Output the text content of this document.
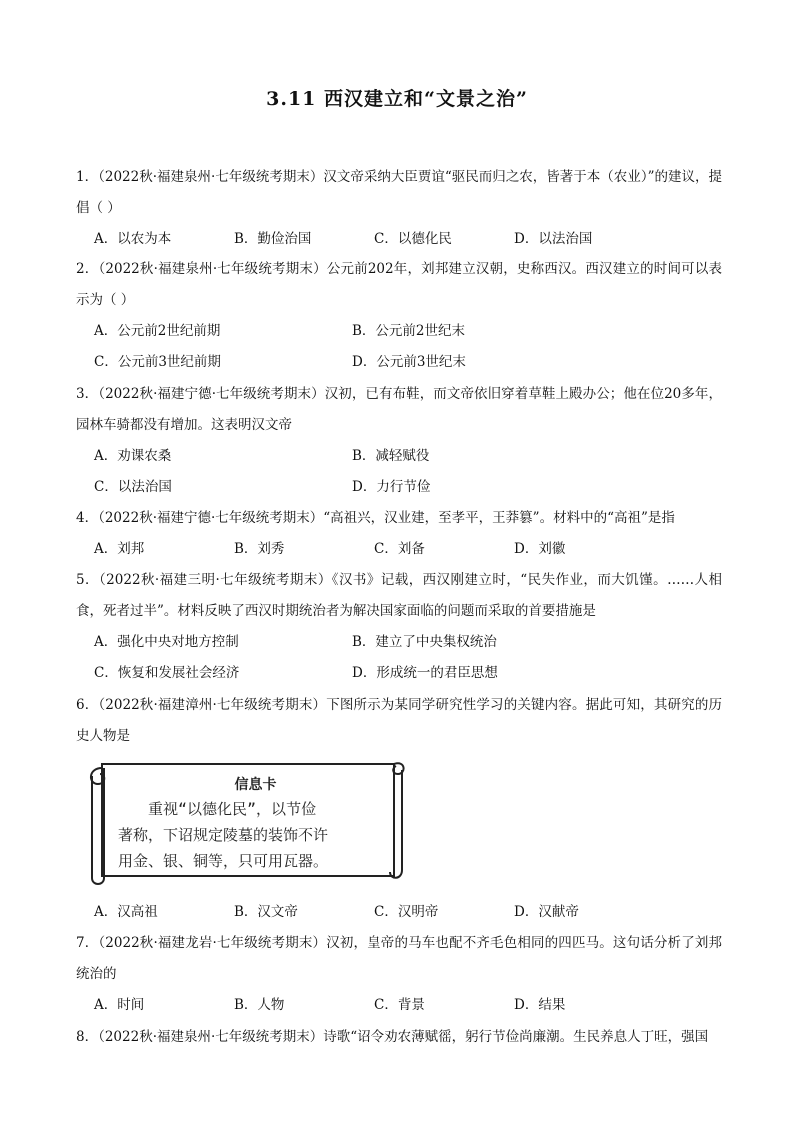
3.11 西汉建立和“文景之治”
1．（2022秋·福建泉州·七年级统考期末）汉文帝采纳大臣贾谊“驱民而归之农，皆著于本（农业）”的建议，提倡（ ）
A．以农为本	B．勤俭治国	C．以德化民	D．以法治国
2．（2022秋·福建泉州·七年级统考期末）公元前202年，刘邦建立汉朝，史称西汉。西汉建立的时间可以表示为（ ）
A．公元前2世纪前期	B．公元前2世纪末
C．公元前3世纪前期	D．公元前3世纪末
3．（2022秋·福建宁德·七年级统考期末）汉初，已有布鞋，而文帝依旧穿着草鞋上殿办公；他在位20多年，园林车骑都没有增加。这表明汉文帝
A．劝课农桑	B．减轻赋役
C．以法治国	D．力行节俭
4．（2022秋·福建宁德·七年级统考期末）“高祖兴，汉业建，至孝平，王莽篡”。材料中的“高祖”是指
A．刘邦	B．刘秀	C．刘备	D．刘徽
5．（2022秋·福建三明·七年级统考期末）《汉书》记载，西汉刚建立时，“民失作业，而大饥馑。……人相食，死者过半”。材料反映了西汉时期统治者为解决国家面临的问题而采取的首要措施是
A．强化中央对地方控制	B．建立了中央集权统治
C．恢复和发展社会经济	D．形成统一的君臣思想
6．（2022秋·福建漳州·七年级统考期末）下图所示为某同学研究性学习的关键内容。据此可知，其研究的历史人物是
信息卡
　　重视“以德化民”，以节俭
著称，下诏规定陵墓的装饰不许
用金、银、铜等，只可用瓦器。
A．汉高祖	B．汉文帝	C．汉明帝	D．汉献帝
7．（2022秋·福建龙岩·七年级统考期末）汉初，皇帝的马车也配不齐毛色相同的四匹马。这句话分析了刘邦统治的
A．时间	B．人物	C．背景	D．结果
8．（2022秋·福建泉州·七年级统考期末）诗歌“诏令劝农薄赋徭，躬行节俭尚廉潮。生民养息人丁旺，强国
